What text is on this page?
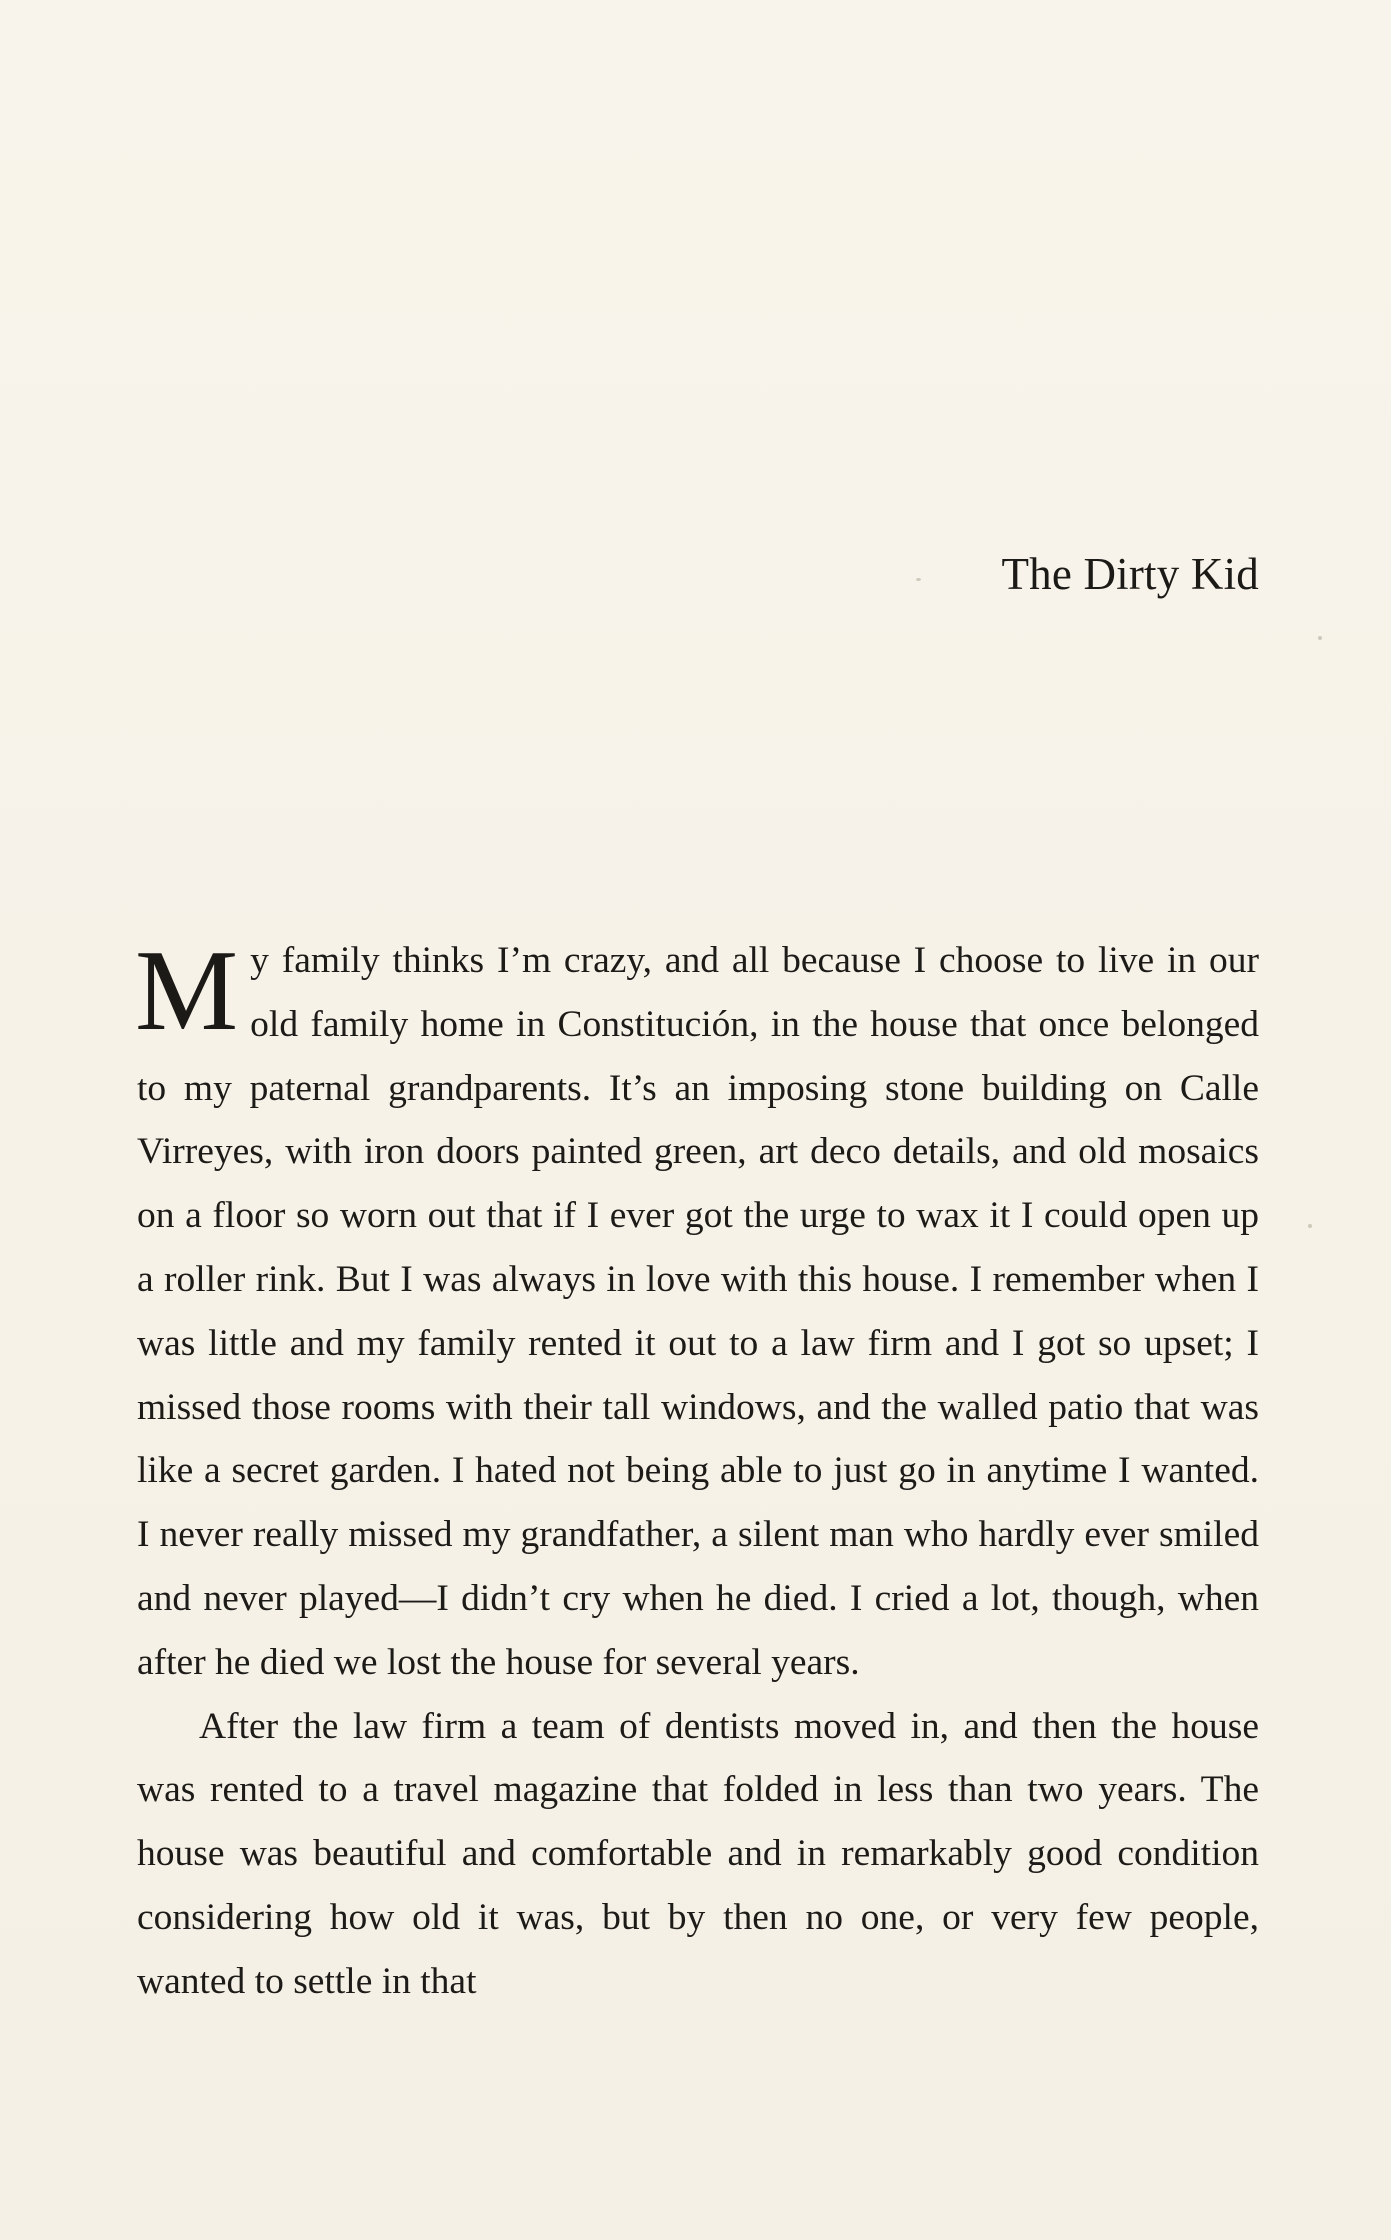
The Dirty Kid

My family thinks I’m crazy, and all because I choose to live in our old family home in Constitución, in the house that once belonged to my paternal grandparents. It’s an imposing stone building on Calle Virreyes, with iron doors painted green, art deco details, and old mosaics on a floor so worn out that if I ever got the urge to wax it I could open up a roller rink. But I was always in love with this house. I remember when I was little and my family rented it out to a law firm and I got so upset; I missed those rooms with their tall windows, and the walled patio that was like a secret garden. I hated not being able to just go in anytime I wanted. I never really missed my grandfather, a silent man who hardly ever smiled and never played—I didn’t cry when he died. I cried a lot, though, when after he died we lost the house for several years.

After the law firm a team of dentists moved in, and then the house was rented to a travel magazine that folded in less than two years. The house was beautiful and comfortable and in remarkably good condition considering how old it was, but by then no one, or very few people, wanted to settle in that
